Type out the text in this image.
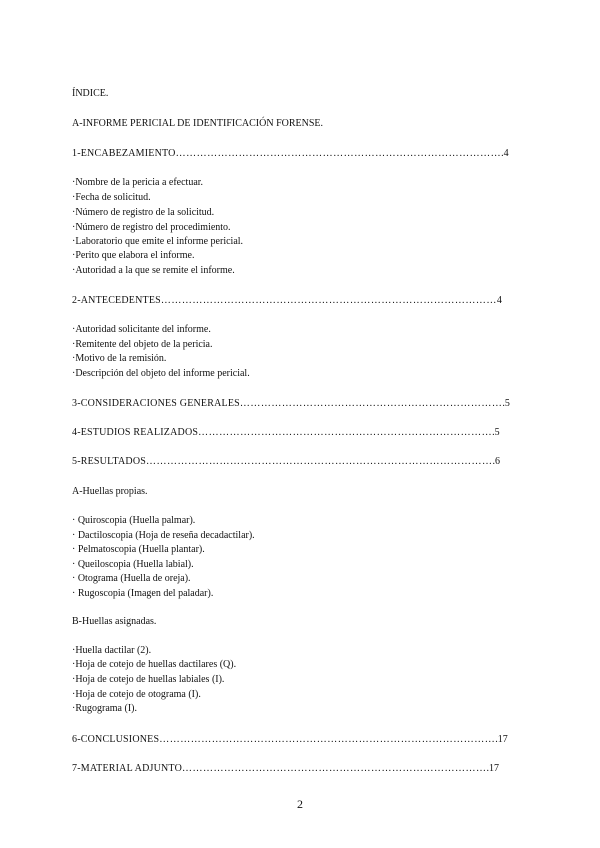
ÍNDICE.
A-INFORME PERICIAL DE IDENTIFICACIÓN FORENSE.
1-ENCABEZAMIENTO………………………………………………………………………………….4
·Nombre de la pericia a efectuar.
·Fecha de solicitud.
·Número de registro de la solicitud.
·Número de registro del procedimiento.
·Laboratorio que emite el informe pericial.
·Perito que elabora el informe.
·Autoridad a la que se remite el informe.
2-ANTECEDENTES……………………………………………………………………………………4
·Autoridad solicitante del informe.
·Remitente del objeto de la pericia.
·Motivo de la remisión.
·Descripción del objeto del informe pericial.
3-CONSIDERACIONES GENERALES………………………………………………………………….5
4-ESTUDIOS REALIZADOS………………………………………………………………………….5
5-RESULTADOS……………………………………………………………………………………….6
A-Huellas propias.
· Quiroscopia (Huella palmar).
· Dactiloscopia (Hoja de reseña decadactilar).
· Pelmatoscopia (Huella plantar).
· Queiloscopia (Huella labial).
· Otograma (Huella de oreja).
· Rugoscopia (Imagen del paladar).
B-Huellas asignadas.
·Huella dactilar (2).
·Hoja de cotejo de huellas dactilares (Q).
·Hoja de cotejo de huellas labiales (I).
·Hoja de cotejo de otograma (I).
·Rugograma (I).
6-CONCLUSIONES…………………………………………………………………………………….17
7-MATERIAL ADJUNTO…………………………………………………………………………….17
2
